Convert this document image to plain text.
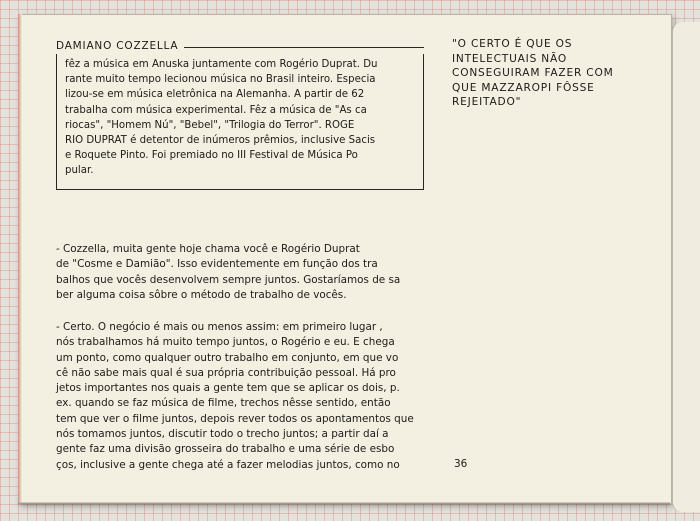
DAMIANO COZZELLA
fêz a música em Anuska juntamente com Rogério Duprat. Du
rante muito tempo lecionou música no Brasil inteiro. Especia
lizou-se em música eletrônica na Alemanha. A partir de 62
trabalha com música experimental. Fêz a música de "As ca
riocas", "Homem Nú", "Bebel", "Trilogia do Terror". ROGE
RIO DUPRAT é detentor de inúmeros prêmios, inclusive Sacis
e Roquete Pinto. Foi premiado no III Festival de Música Po
pular.
"O CERTO É QUE OS INTELECTUAIS NÃO CONSEGUIRAM FAZER COM QUE MAZZAROPI FÔSSE REJEITADO"
- Cozzella, muita gente hoje chama você e Rogério Duprat
de "Cosme e Damião". Isso evidentemente em função dos tra
balhos que vocês desenvolvem sempre juntos. Gostaríamos de sa
ber alguma coisa sôbre o método de trabalho de vocês.
- Certo. O negócio é mais ou menos assim: em primeiro lugar ,
nós trabalhamos há muito tempo juntos, o Rogério e eu. E chega
um ponto, como qualquer outro trabalho em conjunto, em que vo
cê não sabe mais qual é sua própria contribuição pessoal. Há pro
jetos importantes nos quais a gente tem que se aplicar os dois, p.
ex. quando se faz música de filme, trechos nêsse sentido, então
tem que ver o filme juntos, depois rever todos os apontamentos que
nós tomamos juntos, discutir todo o trecho juntos; a partir daí a
gente faz uma divisão grosseira do trabalho e uma série de esbo
ços, inclusive a gente chega até a fazer melodias juntos, como no	36
